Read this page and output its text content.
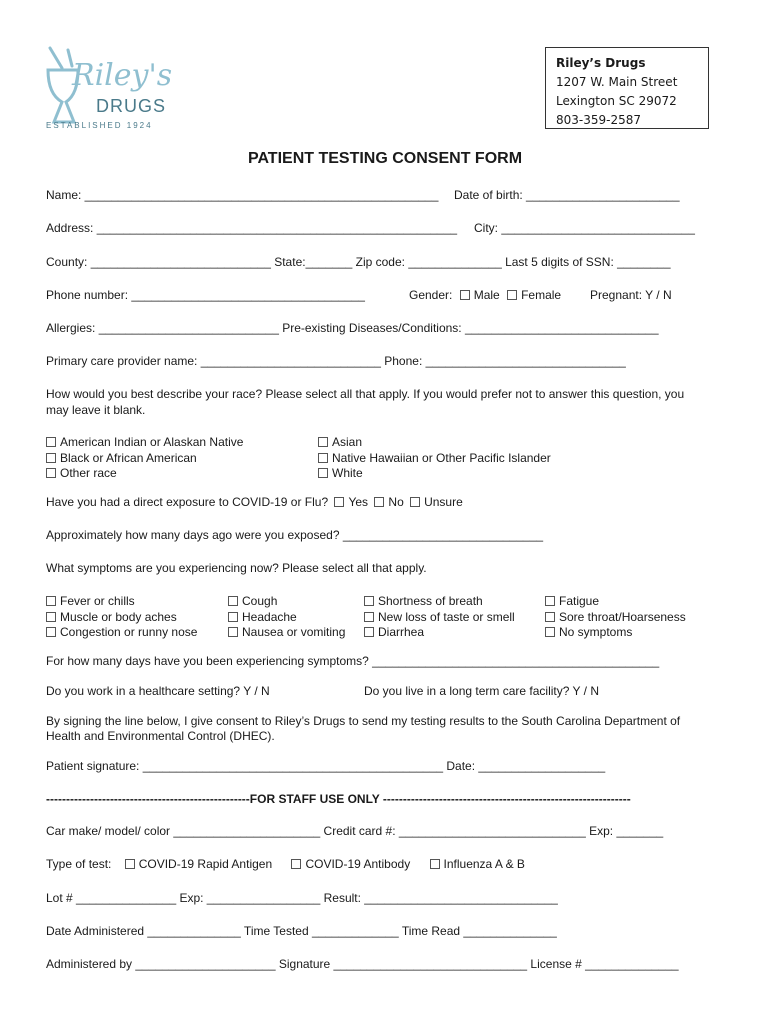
Riley's
DRUGS
ESTABLISHED 1924
Riley’s Drugs
1207 W. Main Street
Lexington SC 29072
803-359-2587
PATIENT TESTING CONSENT FORM
Name: _____________________________________________________ Date of birth: _______________________
Address: ______________________________________________________ City: _____________________________
County: ___________________________ State:_______ Zip code: ______________ Last 5 digits of SSN: ________
Phone number: ___________________________________	Gender: Male Female Pregnant: Y / N
Allergies: ___________________________ Pre-existing Diseases/Conditions: _____________________________
Primary care provider name: ___________________________ Phone: ______________________________
How would you best describe your race? Please select all that apply. If you would prefer not to answer this question, you
may leave it blank.
American Indian or Alaskan Native
Black or African American
Other race
Asian
Native Hawaiian or Other Pacific Islander
White
Have you had a direct exposure to COVID-19 or Flu? Yes No Unsure
Approximately how many days ago were you exposed? ______________________________
What symptoms are you experiencing now? Please select all that apply.
Fever or chills
Muscle or body aches
Congestion or runny nose
Cough
Headache
Nausea or vomiting
Shortness of breath
New loss of taste or smell
Diarrhea
Fatigue
Sore throat/Hoarseness
No symptoms
For how many days have you been experiencing symptoms? ___________________________________________
Do you work in a healthcare setting? Y / N	Do you live in a long term care facility? Y / N
By signing the line below, I give consent to Riley’s Drugs to send my testing results to the South Carolina Department of
Health and Environmental Control (DHEC).
Patient signature: _____________________________________________ Date: ___________________
---------------------------------------------------FOR STAFF USE ONLY --------------------------------------------------------------
Car make/ model/ color ______________________ Credit card #: ____________________________ Exp: _______
Type of test: COVID-19 Rapid Antigen	COVID-19 Antibody	Influenza A & B
Lot # _______________ Exp: _________________ Result: _____________________________
Date Administered ______________ Time Tested _____________ Time Read ______________
Administered by _____________________ Signature _____________________________ License # ______________
